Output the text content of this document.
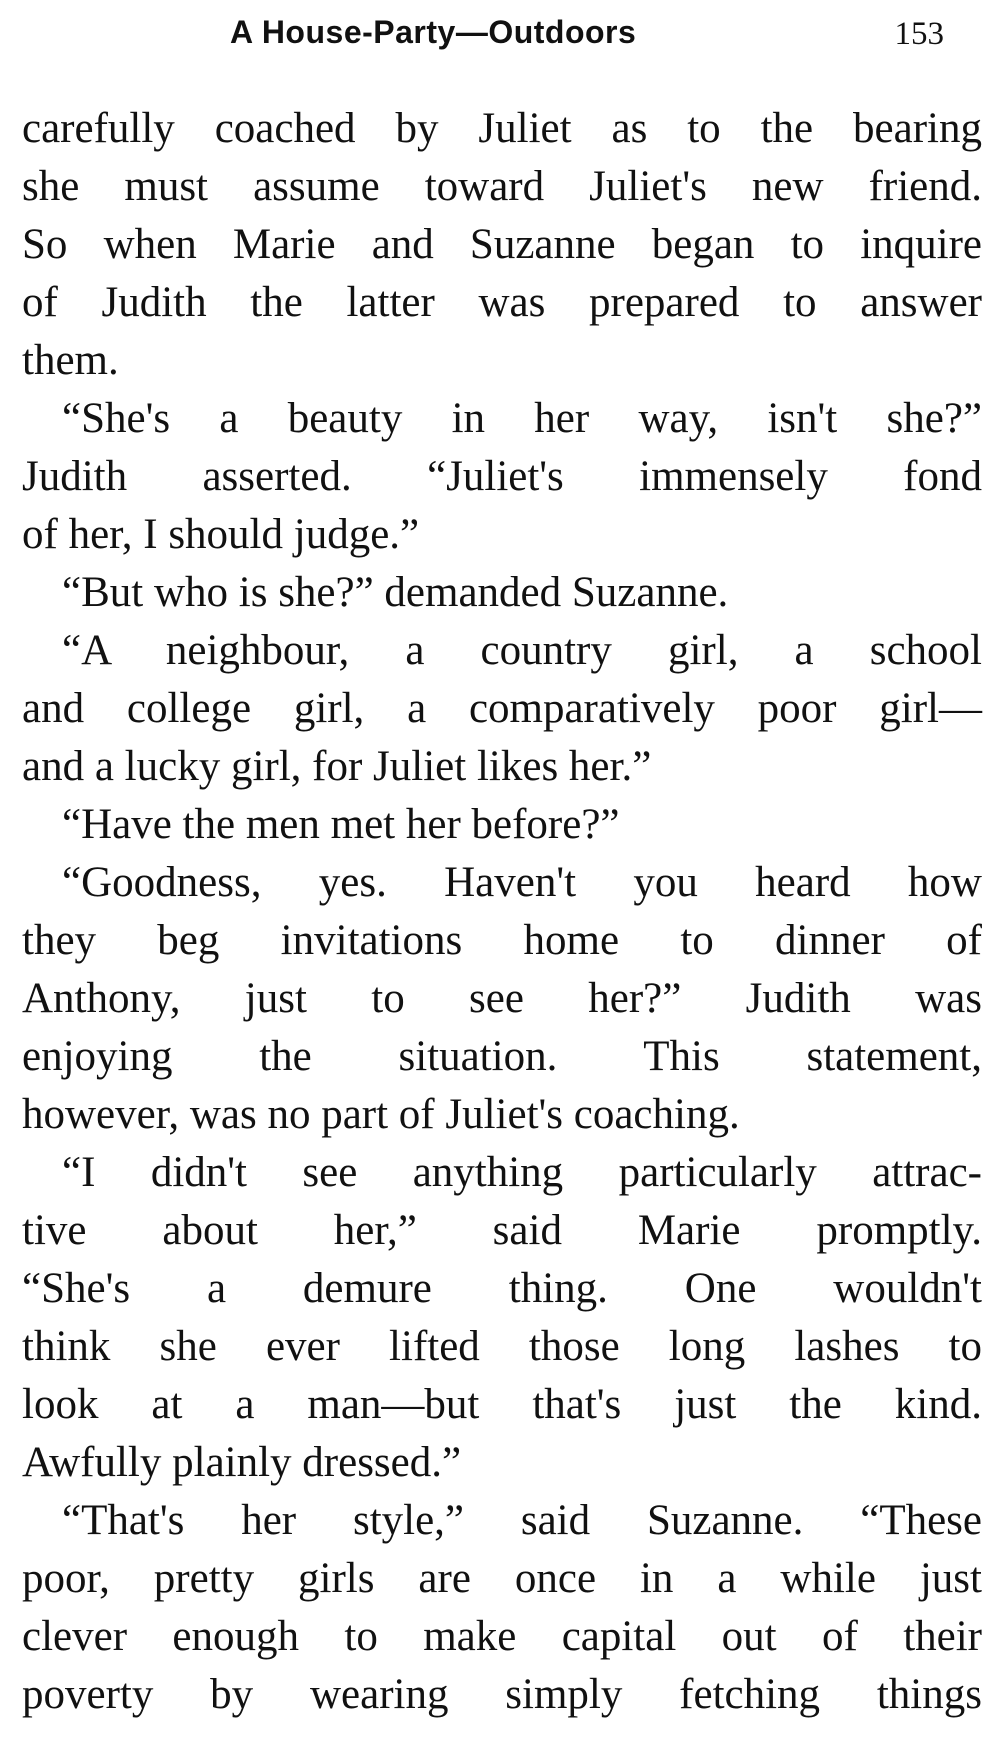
A House-Party—Outdoors	153
carefully coached by Juliet as to the bearing
she must assume toward Juliet's new friend.
So when Marie and Suzanne began to inquire
of Judith the latter was prepared to answer
them.
“She's a beauty in her way, isn't she?”
Judith asserted. “Juliet's immensely fond
of her, I should judge.”
“But who is she?” demanded Suzanne.
“A neighbour, a country girl, a school
and college girl, a comparatively poor girl—
and a lucky girl, for Juliet likes her.”
“Have the men met her before?”
“Goodness, yes. Haven't you heard how
they beg invitations home to dinner of
Anthony, just to see her?” Judith was
enjoying the situation. This statement,
however, was no part of Juliet's coaching.
“I didn't see anything particularly attrac-
tive about her,” said Marie promptly.
“She's a demure thing. One wouldn't
think she ever lifted those long lashes to
look at a man—but that's just the kind.
Awfully plainly dressed.”
“That's her style,” said Suzanne. “These
poor, pretty girls are once in a while just
clever enough to make capital out of their
poverty by wearing simply fetching things
